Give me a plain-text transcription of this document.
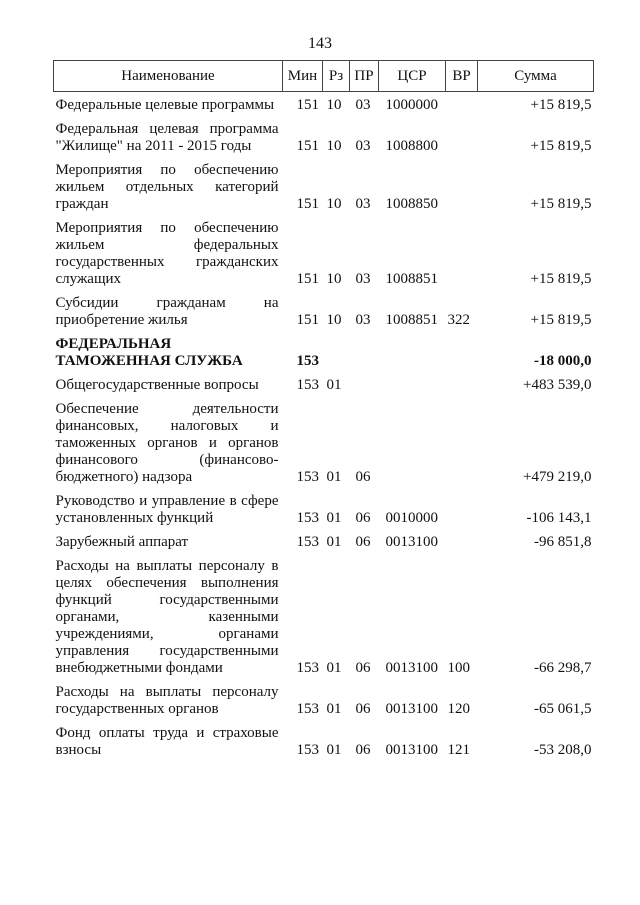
143
Наименование	Мин	Рз	ПР	ЦСР	ВР	Сумма
Федеральные целевые программы	151	10	03	1000000		+15 819,5
Федеральная целевая программа "Жилище" на 2011 - 2015 годы	151	10	03	1008800		+15 819,5
Мероприятия по обеспечению жильем отдельных категорий граждан	151	10	03	1008850		+15 819,5
Мероприятия по обеспечению жильем федеральных государственных гражданских служащих	151	10	03	1008851		+15 819,5
Субсидии гражданам на приобретение жилья	151	10	03	1008851	322	+15 819,5
ФЕДЕРАЛЬНАЯ ТАМОЖЕННАЯ СЛУЖБА	153					-18 000,0
Общегосударственные вопросы	153	01				+483 539,0
Обеспечение деятельности финансовых, налоговых и таможенных органов и органов финансового (финансово-бюджетного) надзора	153	01	06			+479 219,0
Руководство и управление в сфере установленных функций	153	01	06	0010000		-106 143,1
Зарубежный аппарат	153	01	06	0013100		-96 851,8
Расходы на выплаты персоналу в целях обеспечения выполнения функций государственными органами, казенными учреждениями, органами управления государственными внебюджетными фондами	153	01	06	0013100	100	-66 298,7
Расходы на выплаты персоналу государственных органов	153	01	06	0013100	120	-65 061,5
Фонд оплаты труда и страховые взносы	153	01	06	0013100	121	-53 208,0
